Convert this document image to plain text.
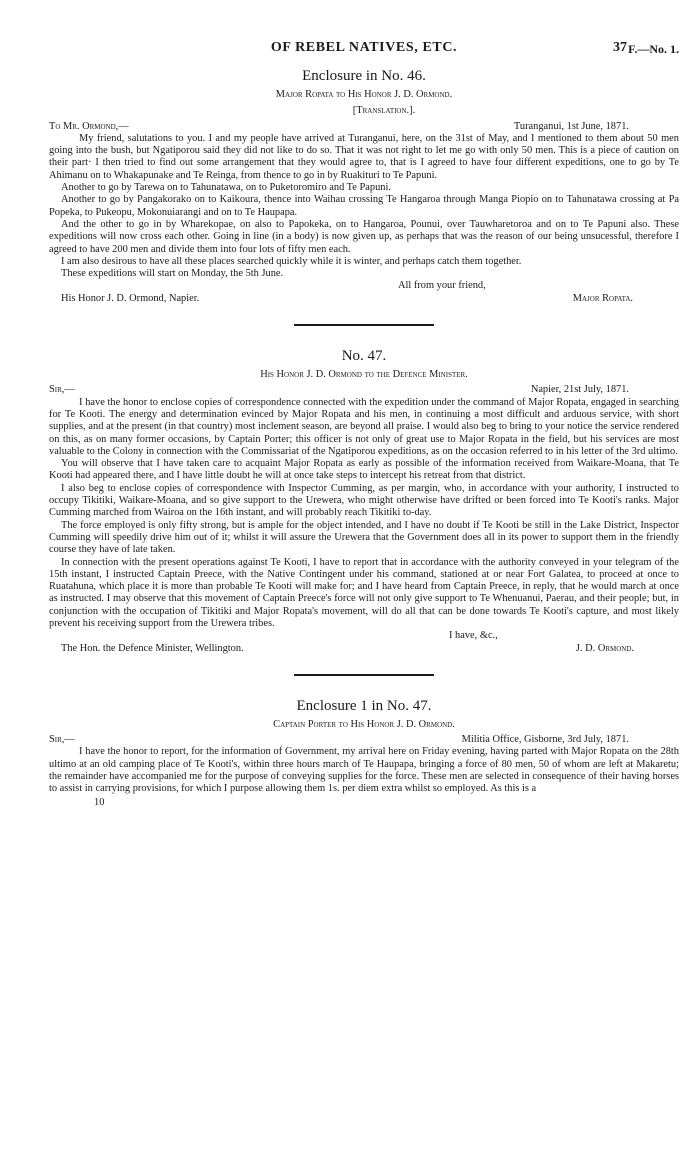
OF REBEL NATIVES, ETC.	37 F.—No. 1.
Enclosure in No. 46.
Major Ropata to His Honor J. D. Ormond.
[Translation.].
To Mr. Ormond,—	Turanganui, 1st June, 1871.

My friend, salutations to you. I and my people have arrived at Turanganui, here, on the 31st of May, and I mentioned to them about 50 men going into the bush, but Ngatiporou said they did not like to do so. That it was not right to let me go with only 50 men. This is a piece of caution on their part· I then tried to find out some arrangement that they would agree to, that is I agreed to have four different expeditions, one to go by Te Ahimanu on to Whakapunake and Te Reinga, from thence to go in by Ruakituri to Te Papuni.

Another to go by Tarewa on to Tahunatawa, on to Puketoromiro and Te Papuni.

Another to go by Pangakorako on to Kaikoura, thence into Waihau crossing Te Hangaroa through Manga Piopio on to Tahunatawa crossing at Pa Popeka, to Pukeopu, Mokonuiarangi and on to Te Haupapa.

And the other to go in by Wharekopae, on also to Papokeka, on to Hangaroa, Pounui, over Tauwharetoroa and on to Te Papuni also. These expeditions will now cross each other. Going in line (in a body) is now given up, as perhaps that was the reason of our being unsucessful, therefore I agreed to have 200 men and divide them into four lots of fifty men each.

I am also desirous to have all these places searched quickly while it is winter, and perhaps catch them together.

These expeditions will start on Monday, the 5th June.

All from your friend,
His Honor J. D. Ormond, Napier.	Major Ropata.
No. 47.
His Honor J. D. Ormond to the Defence Minister.
Sir,—	Napier, 21st July, 1871.

I have the honor to enclose copies of correspondence connected with the expedition under the command of Major Ropata, engaged in searching for Te Kooti. The energy and determination evinced by Major Ropata and his men, in continuing a most difficult and arduous service, with short supplies, and at the present (in that country) most inclement season, are beyond all praise. I would also beg to bring to your notice the service rendered on this, as on many former occasions, by Captain Porter; this officer is not only of great use to Major Ropata in the field, but his services are most valuable to the Colony in connection with the Commissariat of the Ngatiporou expeditions, as on the occasion referred to in his letter of the 3rd ultimo.

You will observe that I have taken care to acquaint Major Ropata as early as possible of the information received from Waikare-Moana, that Te Kooti had appeared there, and I have little doubt he will at once take steps to intercept his retreat from that district.

I also beg to enclose copies of correspondence with Inspector Cumming, as per margin, who, in accordance with your authority, I instructed to occupy Tikitiki, Waikare-Moana, and so give support to the Urewera, who might otherwise have drifted or been forced into Te Kooti's ranks. Major Cumming marched from Wairoa on the 16th instant, and will probably reach Tikitiki to-day.

The force employed is only fifty strong, but is ample for the object intended, and I have no doubt if Te Kooti be still in the Lake District, Inspector Cumming will speedily drive him out of it; whilst it will assure the Urewera that the Government does all in its power to support them in the friendly course they have of late taken.

In connection with the present operations against Te Kooti, I have to report that in accordance with the authority conveyed in your telegram of the 15th instant, I instructed Captain Preece, with the Native Contingent under his command, stationed at or near Fort Galatea, to proceed at once to Ruatahuna, which place it is more than probable Te Kooti will make for; and I have heard from Captain Preece, in reply, that he would march at once as instructed. I may observe that this movement of Captain Preece's force will not only give support to Te Whenuanui, Paerau, and their people; but, in conjunction with the occupation of Tikitiki and Major Ropata's movement, will do all that can be done towards Te Kooti's capture, and most likely prevent his receiving support from the Urewera tribes.

I have, &c.,
The Hon. the Defence Minister, Wellington.	J. D. Ormond.
Enclosure 1 in No. 47.
Captain Porter to His Honor J. D. Ormond.
Sir,—	Militia Office, Gisborne, 3rd July, 1871.

I have the honor to report, for the information of Government, my arrival here on Friday evening, having parted with Major Ropata on the 28th ultimo at an old camping place of Te Kooti's, within three hours march of Te Haupapa, bringing a force of 80 men, 50 of whom are left at Makaretu; the remainder have accompanied me for the purpose of conveying supplies for the force. These men are selected in consequence of their having horses to assist in carrying provisions, for which I purpose allowing them 1s. per diem extra whilst so employed. As this is a

10
